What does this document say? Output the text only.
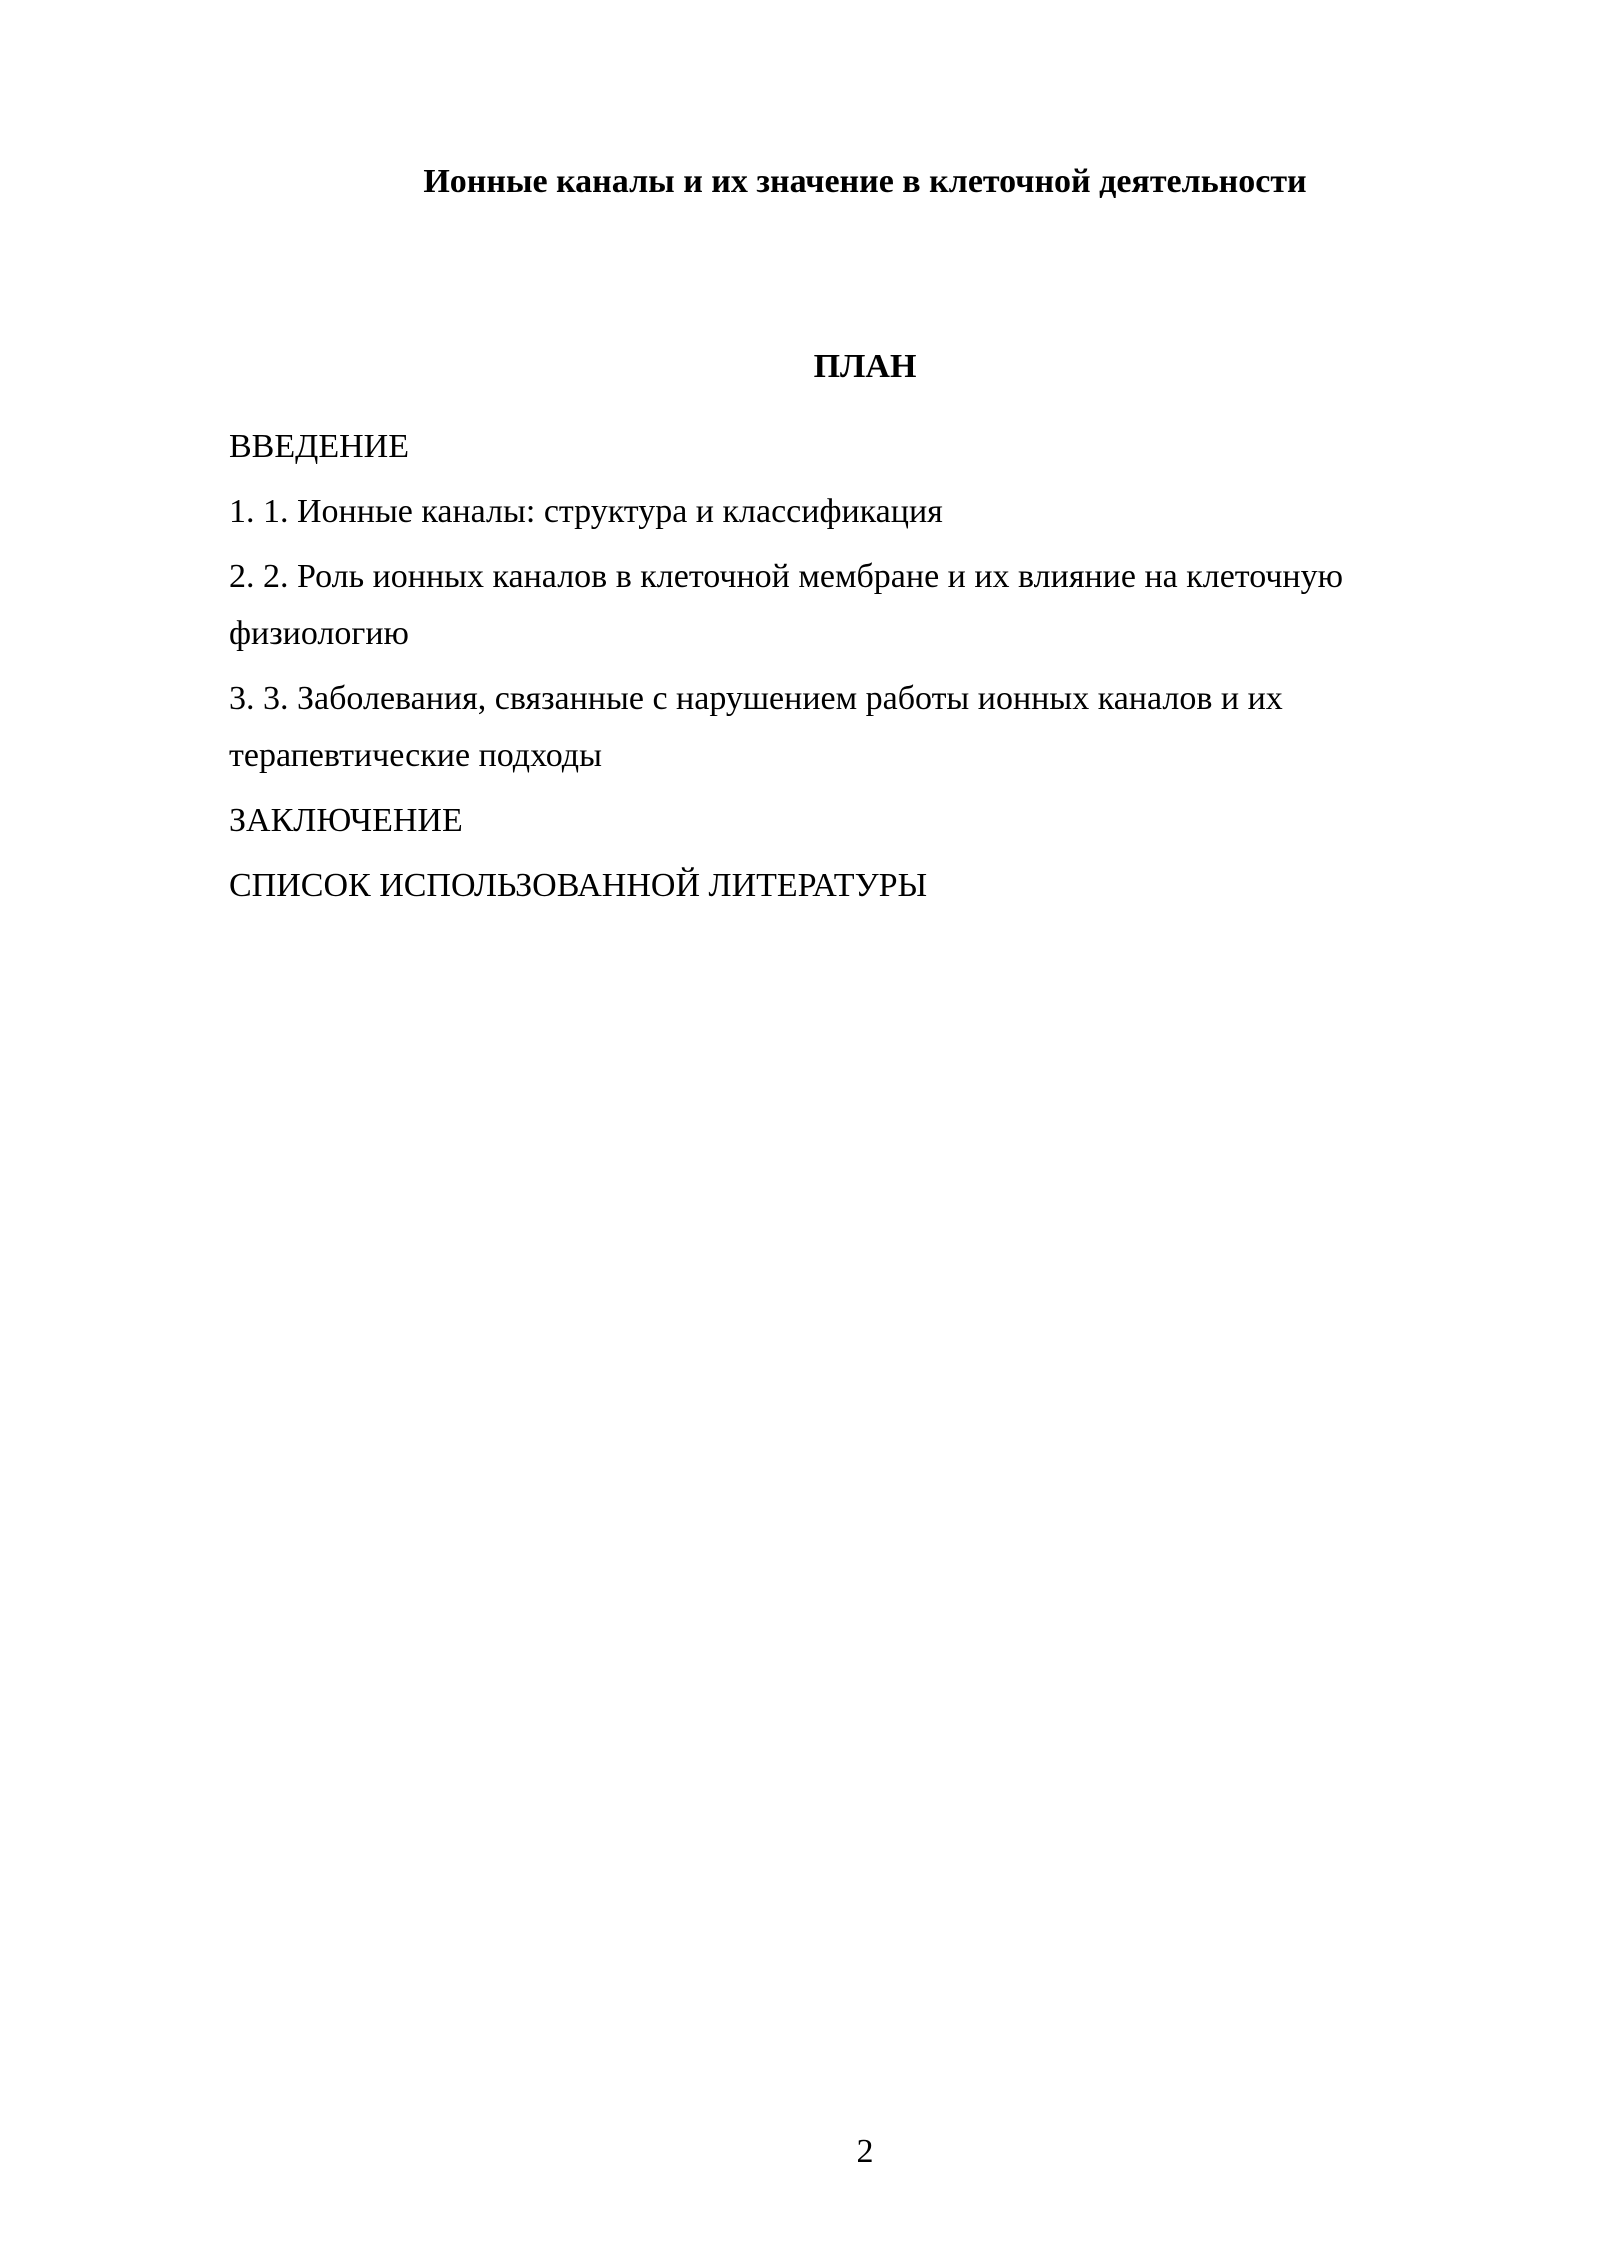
Ионные каналы и их значение в клеточной деятельности
ПЛАН
ВВЕДЕНИЕ
1. 1. Ионные каналы: структура и классификация
2. 2. Роль ионных каналов в клеточной мембране и их влияние на клеточную физиологию
3. 3. Заболевания, связанные с нарушением работы ионных каналов и их терапевтические подходы
ЗАКЛЮЧЕНИЕ
СПИСОК ИСПОЛЬЗОВАННОЙ ЛИТЕРАТУРЫ
2
